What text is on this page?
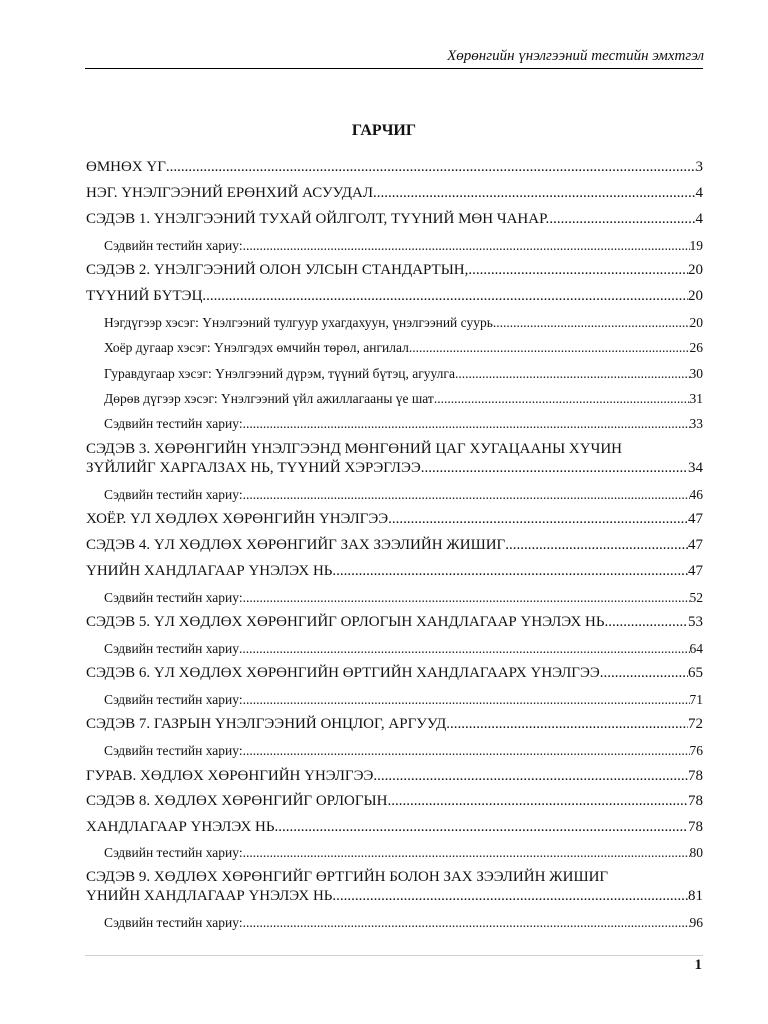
Хөрөнгийн үнэлгээний тестийн эмхтгэл
ГАРЧИГ
ӨМНӨХ ҮГ .....	3
НЭГ. ҮНЭЛГЭЭНИЙ ЕРӨНХИЙ АСУУДАЛ .....	4
СЭДЭВ 1. ҮНЭЛГЭЭНИЙ ТУХАЙ ОЙЛГОЛТ, ТҮҮНИЙ МӨН ЧАНАР. .....	4
Сэдвийн тестийн хариу: .....	19
СЭДЭВ 2. ҮНЭЛГЭЭНИЙ ОЛОН УЛСЫН СТАНДАРТЫН, .....	20
ТҮҮНИЙ БҮТЭЦ .....	20
Нэгдүгээр хэсэг: Үнэлгээний тулгуур ухагдахуун, үнэлгээний суурь .....	20
Хоёр дугаар хэсэг: Үнэлгэдэх өмчийн төрөл, ангилал .....	26
Гуравдугаар хэсэг: Үнэлгээний дүрэм, түүний бүтэц, агуулга .....	30
Дөрөв дүгээр хэсэг: Үнэлгээний үйл ажиллагааны үе шат .....	31
Сэдвийн тестийн хариу: .....	33
СЭДЭВ 3. ХӨРӨНГИЙН ҮНЭЛГЭЭНД МӨНГӨНИЙ ЦАГ ХУГАЦААНЫ ХҮЧИН
ЗҮЙЛИЙГ ХАРГАЛЗАХ НЬ, ТҮҮНИЙ ХЭРЭГЛЭЭ .....	34
Сэдвийн тестийн хариу: .....	46
ХОЁР. ҮЛ ХӨДЛӨХ ХӨРӨНГИЙН ҮНЭЛГЭЭ .....	47
СЭДЭВ 4. ҮЛ ХӨДЛӨХ ХӨРӨНГИЙГ ЗАХ ЗЭЭЛИЙН ЖИШИГ .....	47
ҮНИЙН ХАНДЛАГААР ҮНЭЛЭХ НЬ .....	47
Сэдвийн тестийн хариу: .....	52
СЭДЭВ 5. ҮЛ ХӨДЛӨХ ХӨРӨНГИЙГ ОРЛОГЫН ХАНДЛАГААР ҮНЭЛЭХ НЬ. .....	53
Сэдвийн тестийн хариу .....	64
СЭДЭВ 6. ҮЛ ХӨДЛӨХ ХӨРӨНГИЙН ӨРТГИЙН ХАНДЛАГААРХ ҮНЭЛГЭЭ .....	65
Сэдвийн тестийн хариу: .....	71
СЭДЭВ 7. ГАЗРЫН ҮНЭЛГЭЭНИЙ ОНЦЛОГ, АРГУУД .....	72
Сэдвийн тестийн хариу: .....	76
ГУРАВ. ХӨДЛӨХ ХӨРӨНГИЙН ҮНЭЛГЭЭ .....	78
СЭДЭВ 8. ХӨДЛӨХ ХӨРӨНГИЙГ ОРЛОГЫН .....	78
ХАНДЛАГААР ҮНЭЛЭХ НЬ .....	78
Сэдвийн тестийн хариу: .....	80
СЭДЭВ 9. ХӨДЛӨХ ХӨРӨНГИЙГ ӨРТГИЙН БОЛОН ЗАХ ЗЭЭЛИЙН ЖИШИГ
ҮНИЙН ХАНДЛАГААР ҮНЭЛЭХ НЬ .....	81
Сэдвийн тестийн хариу: .....	96
1
